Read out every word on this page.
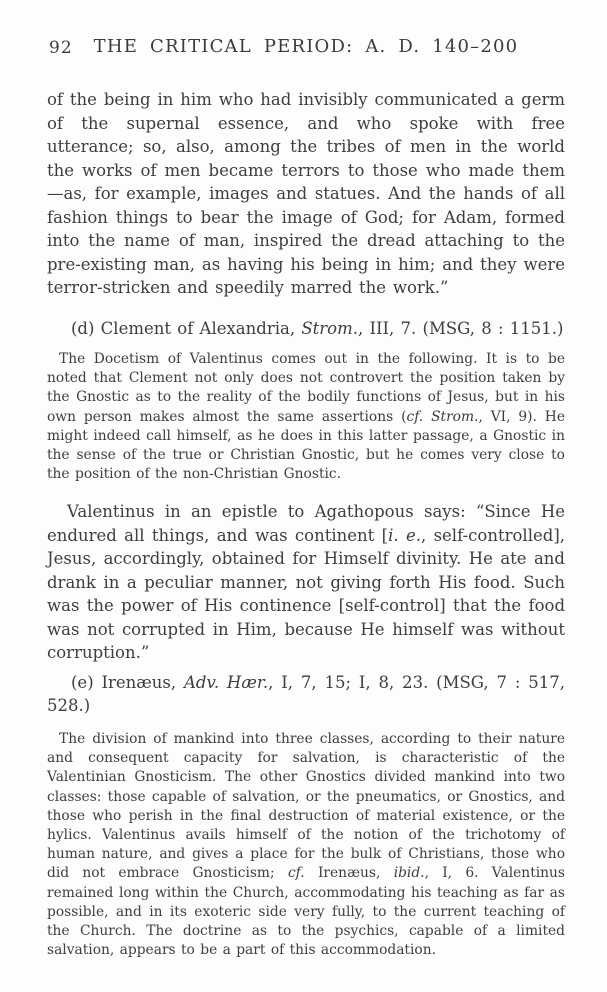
92	THE CRITICAL PERIOD: A. D. 140–200

of the being in him who had invisibly communicated a germ of the supernal essence, and who spoke with free utterance; so, also, among the tribes of men in the world the works of men became terrors to those who made them—as, for example, images and statues. And the hands of all fashion things to bear the image of God; for Adam, formed into the name of man, inspired the dread attaching to the pre-existing man, as having his being in him; and they were terror-stricken and speedily marred the work.”

(d) Clement of Alexandria, Strom., III, 7. (MSG, 8 : 1151.)

The Docetism of Valentinus comes out in the following. It is to be noted that Clement not only does not controvert the position taken by the Gnostic as to the reality of the bodily functions of Jesus, but in his own person makes almost the same assertions (cf. Strom., VI, 9). He might indeed call himself, as he does in this latter passage, a Gnostic in the sense of the true or Christian Gnostic, but he comes very close to the position of the non-Christian Gnostic.

Valentinus in an epistle to Agathopous says: “Since He endured all things, and was continent [i. e., self-controlled], Jesus, accordingly, obtained for Himself divinity. He ate and drank in a peculiar manner, not giving forth His food. Such was the power of His continence [self-control] that the food was not corrupted in Him, because He himself was without corruption.”

(e) Irenæus, Adv. Hær., I, 7, 15; I, 8, 23. (MSG, 7 : 517, 528.)

The division of mankind into three classes, according to their nature and consequent capacity for salvation, is characteristic of the Valentinian Gnosticism. The other Gnostics divided mankind into two classes: those capable of salvation, or the pneumatics, or Gnostics, and those who perish in the final destruction of material existence, or the hylics. Valentinus avails himself of the notion of the trichotomy of human nature, and gives a place for the bulk of Christians, those who did not embrace Gnosticism; cf. Irenæus, ibid., I, 6. Valentinus remained long within the Church, accommodating his teaching as far as possible, and in its exoteric side very fully, to the current teaching of the Church. The doctrine as to the psychics, capable of a limited salvation, appears to be a part of this accommodation.
